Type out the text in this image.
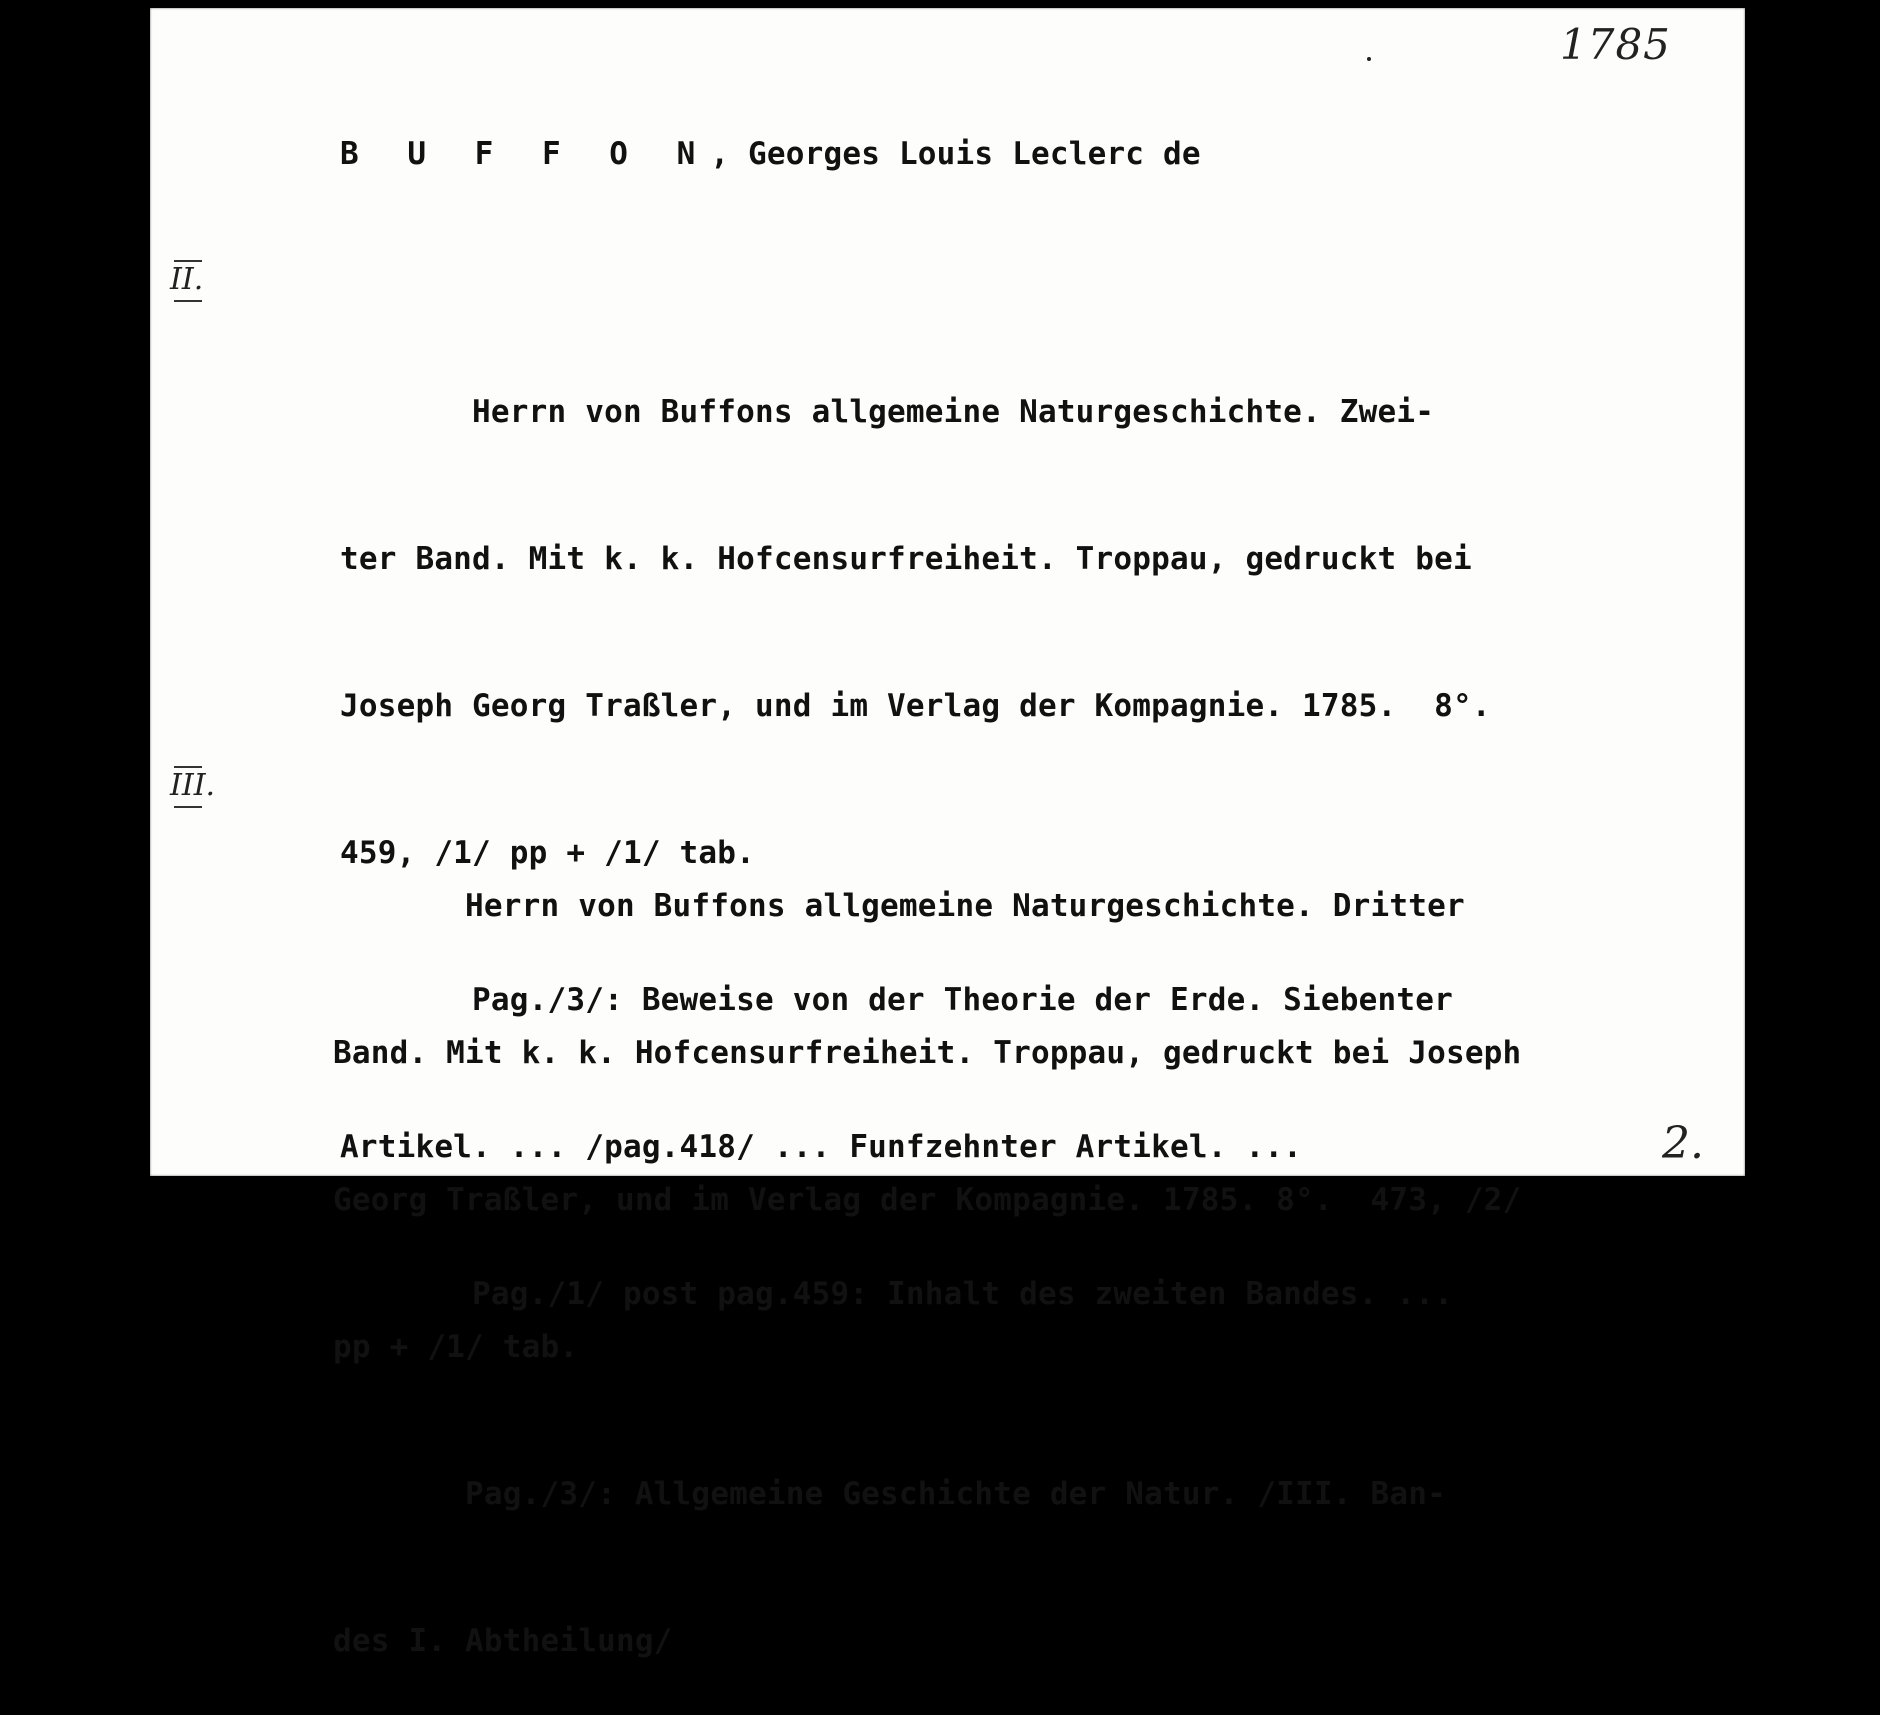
1785
B U F F O N, Georges Louis Leclerc de
II.

Herrn von Buffons allgemeine Naturgeschichte. Zwei-

ter Band. Mit k. k. Hofcensurfreiheit. Troppau, gedruckt bei

Joseph Georg Traßler, und im Verlag der Kompagnie. 1785.  8°.

459, /1/ pp + /1/ tab.

Pag./3/: Beweise von der Theorie der Erde. Siebenter

Artikel. ... /pag.418/ ... Funfzehnter Artikel. ...

Pag./1/ post pag.459: Inhalt des zweiten Bandes. ...

III.

Herrn von Buffons allgemeine Naturgeschichte. Dritter

Band. Mit k. k. Hofcensurfreiheit. Troppau, gedruckt bei Joseph

Georg Traßler, und im Verlag der Kompagnie. 1785. 8°.  473, /2/

pp + /1/ tab.

Pag./3/: Allgemeine Geschichte der Natur. /III. Ban-

des I. Abtheilung/

2.
